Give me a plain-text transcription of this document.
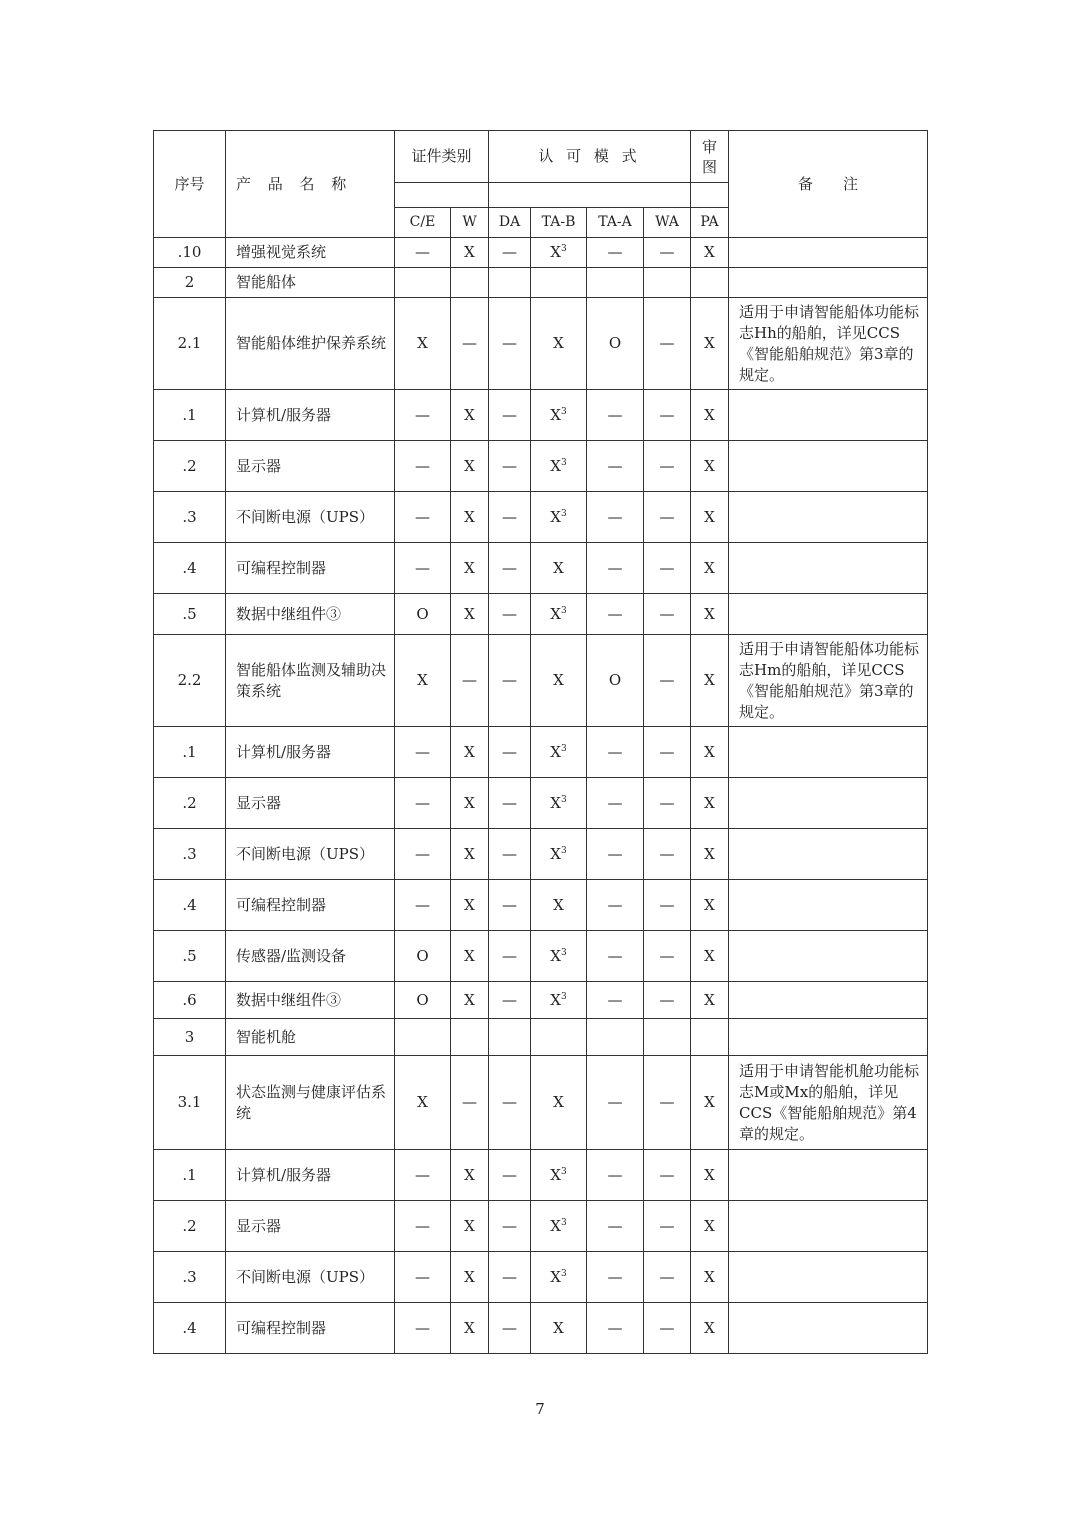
序号	产 品 名 称	证件类别		认 可 模 式				审图	备　　注

		C/E	W	DA	TA-B	TA-A	WA	PA	
.10	增强视觉系统	—	X	—	$X^3$	—	—	X	
2	智能船体								
2.1	智能船体维护保养系统	X	—	—	X	O	—	X	适用于申请智能船体功能标志Hh的船舶，详见CCS《智能船舶规范》第3章的规定。
.1	计算机/服务器	—	X	—	$X^3$	—	—	X	
.2	显示器	—	X	—	$X^3$	—	—	X	
.3	不间断电源（UPS）	—	X	—	$X^3$	—	—	X	
.4	可编程控制器	—	X	—	X	—	—	X	
.5	数据中继组件③	O	X	—	$X^3$	—	—	X	
2.2	智能船体监测及辅助决策系统	X	—	—	X	O	—	X	适用于申请智能船体功能标志Hm的船舶，详见CCS《智能船舶规范》第3章的规定。
.1	计算机/服务器	—	X	—	$X^3$	—	—	X	
.2	显示器	—	X	—	$X^3$	—	—	X	
.3	不间断电源（UPS）	—	X	—	$X^3$	—	—	X	
.4	可编程控制器	—	X	—	X	—	—	X	
.5	传感器/监测设备	O	X	—	$X^3$	—	—	X	
.6	数据中继组件③	O	X	—	$X^3$	—	—	X	
3	智能机舱								
3.1	状态监测与健康评估系统	X	—	—	X	—	—	X	适用于申请智能机舱功能标志M或Mx的船舶，详见CCS《智能船舶规范》第4章的规定。
.1	计算机/服务器	—	X	—	$X^3$	—	—	X	
.2	显示器	—	X	—	$X^3$	—	—	X	
.3	不间断电源（UPS）	—	X	—	$X^3$	—	—	X	
.4	可编程控制器	—	X	—	X	—	—	X	
7
